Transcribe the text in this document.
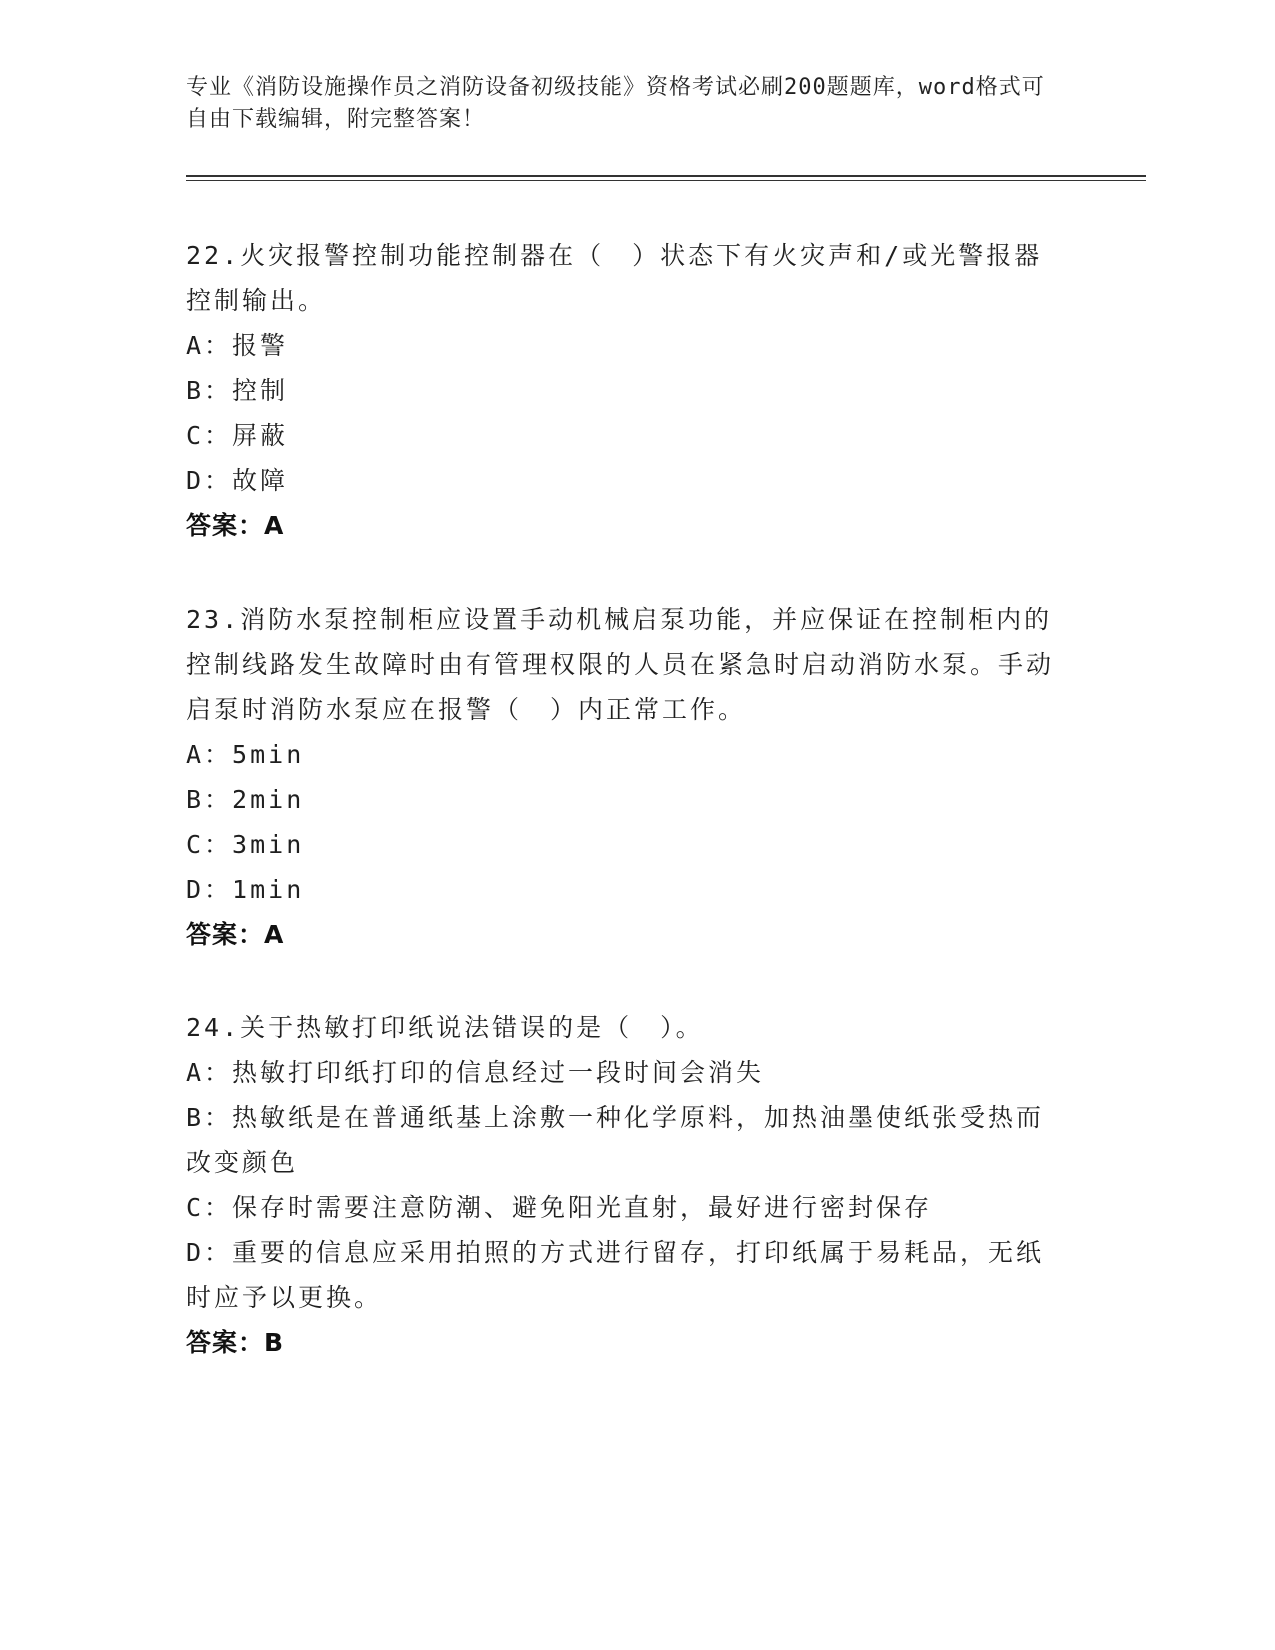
专业《消防设施操作员之消防设备初级技能》资格考试必刷200题题库，word格式可自由下载编辑，附完整答案！
22.火灾报警控制功能控制器在（　）状态下有火灾声和/或光警报器控制输出。
A：报警
B：控制
C：屏蔽
D：故障
答案：A
23.消防水泵控制柜应设置手动机械启泵功能，并应保证在控制柜内的控制线路发生故障时由有管理权限的人员在紧急时启动消防水泵。手动启泵时消防水泵应在报警（　）内正常工作。
A：5min
B：2min
C：3min
D：1min
答案：A
24.关于热敏打印纸说法错误的是（　）。
A：热敏打印纸打印的信息经过一段时间会消失
B：热敏纸是在普通纸基上涂敷一种化学原料，加热油墨使纸张受热而改变颜色
C：保存时需要注意防潮、避免阳光直射，最好进行密封保存
D：重要的信息应采用拍照的方式进行留存，打印纸属于易耗品，无纸时应予以更换。
答案：B
